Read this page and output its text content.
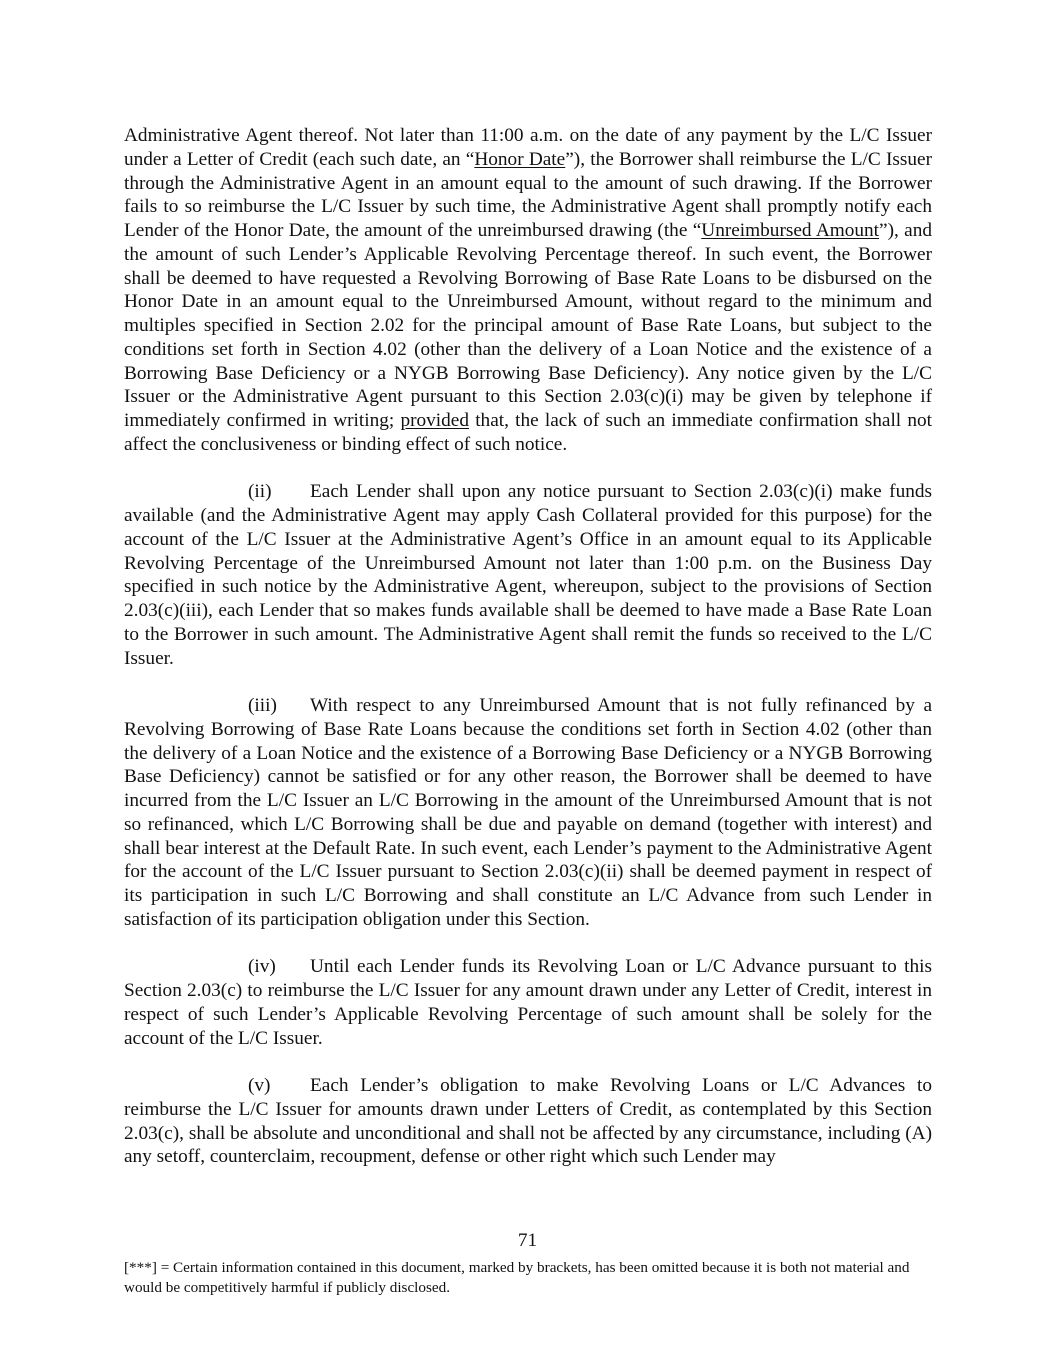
Administrative Agent thereof. Not later than 11:00 a.m. on the date of any payment by the L/C Issuer under a Letter of Credit (each such date, an “Honor Date”), the Borrower shall reimburse the L/C Issuer through the Administrative Agent in an amount equal to the amount of such drawing. If the Borrower fails to so reimburse the L/C Issuer by such time, the Administrative Agent shall promptly notify each Lender of the Honor Date, the amount of the unreimbursed drawing (the “Unreimbursed Amount”), and the amount of such Lender’s Applicable Revolving Percentage thereof. In such event, the Borrower shall be deemed to have requested a Revolving Borrowing of Base Rate Loans to be disbursed on the Honor Date in an amount equal to the Unreimbursed Amount, without regard to the minimum and multiples specified in Section 2.02 for the principal amount of Base Rate Loans, but subject to the conditions set forth in Section 4.02 (other than the delivery of a Loan Notice and the existence of a Borrowing Base Deficiency or a NYGB Borrowing Base Deficiency). Any notice given by the L/C Issuer or the Administrative Agent pursuant to this Section 2.03(c)(i) may be given by telephone if immediately confirmed in writing; provided that, the lack of such an immediate confirmation shall not affect the conclusiveness or binding effect of such notice.

(ii) Each Lender shall upon any notice pursuant to Section 2.03(c)(i) make funds available (and the Administrative Agent may apply Cash Collateral provided for this purpose) for the account of the L/C Issuer at the Administrative Agent’s Office in an amount equal to its Applicable Revolving Percentage of the Unreimbursed Amount not later than 1:00 p.m. on the Business Day specified in such notice by the Administrative Agent, whereupon, subject to the provisions of Section 2.03(c)(iii), each Lender that so makes funds available shall be deemed to have made a Base Rate Loan to the Borrower in such amount. The Administrative Agent shall remit the funds so received to the L/C Issuer.

(iii) With respect to any Unreimbursed Amount that is not fully refinanced by a Revolving Borrowing of Base Rate Loans because the conditions set forth in Section 4.02 (other than the delivery of a Loan Notice and the existence of a Borrowing Base Deficiency or a NYGB Borrowing Base Deficiency) cannot be satisfied or for any other reason, the Borrower shall be deemed to have incurred from the L/C Issuer an L/C Borrowing in the amount of the Unreimbursed Amount that is not so refinanced, which L/C Borrowing shall be due and payable on demand (together with interest) and shall bear interest at the Default Rate. In such event, each Lender’s payment to the Administrative Agent for the account of the L/C Issuer pursuant to Section 2.03(c)(ii) shall be deemed payment in respect of its participation in such L/C Borrowing and shall constitute an L/C Advance from such Lender in satisfaction of its participation obligation under this Section.

(iv) Until each Lender funds its Revolving Loan or L/C Advance pursuant to this Section 2.03(c) to reimburse the L/C Issuer for any amount drawn under any Letter of Credit, interest in respect of such Lender’s Applicable Revolving Percentage of such amount shall be solely for the account of the L/C Issuer.

(v) Each Lender’s obligation to make Revolving Loans or L/C Advances to reimburse the L/C Issuer for amounts drawn under Letters of Credit, as contemplated by this Section 2.03(c), shall be absolute and unconditional and shall not be affected by any circumstance, including (A) any setoff, counterclaim, recoupment, defense or other right which such Lender may

71
[***] = Certain information contained in this document, marked by brackets, has been omitted because it is both not material and would be competitively harmful if publicly disclosed.
